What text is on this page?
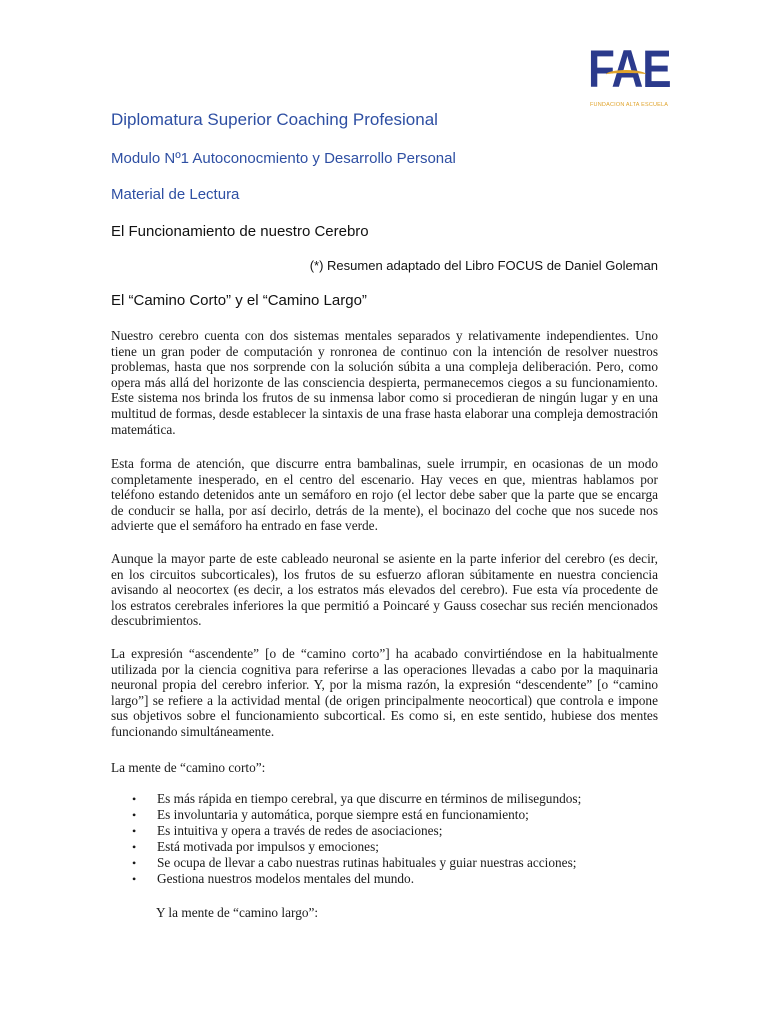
FAE
FUNDACION ALTA ESCUELA
Diplomatura Superior Coaching Profesional
Modulo Nº1 Autoconocmiento y Desarrollo Personal
Material de Lectura
El Funcionamiento de nuestro Cerebro
(*) Resumen adaptado del Libro FOCUS de Daniel Goleman
El “Camino Corto” y el “Camino Largo”

Nuestro cerebro cuenta con dos sistemas mentales separados y relativamente independientes. Uno tiene un gran poder de computación y ronronea de continuo con la intención de resolver nuestros problemas, hasta que nos sorprende con la solución súbita a una compleja deliberación. Pero, como opera más allá del horizonte de las consciencia despierta, permanecemos ciegos a su funcionamiento. Este sistema nos brinda los frutos de su inmensa labor como si procedieran de ningún lugar y en una multitud de formas, desde establecer la sintaxis de una frase hasta elaborar una compleja demostración matemática.

Esta forma de atención, que discurre entra bambalinas, suele irrumpir, en ocasionas de un modo completamente inesperado, en el centro del escenario. Hay veces en que, mientras hablamos por teléfono estando detenidos ante un semáforo en rojo (el lector debe saber que la parte que se encarga de conducir se halla, por así decirlo, detrás de la mente), el bocinazo del coche que nos sucede nos advierte que el semáforo ha entrado en fase verde.

Aunque la mayor parte de este cableado neuronal se asiente en la parte inferior del cerebro (es decir, en los circuitos subcorticales), los frutos de su esfuerzo afloran súbitamente en nuestra conciencia avisando al neocortex (es decir, a los estratos más elevados del cerebro). Fue esta vía procedente de los estratos cerebrales inferiores la que permitió a Poincaré y Gauss cosechar sus recién mencionados descubrimientos.

La expresión “ascendente” [o de “camino corto”] ha acabado convirtiéndose en la habitualmente utilizada por la ciencia cognitiva para referirse a las operaciones llevadas a cabo por la maquinaria neuronal propia del cerebro inferior. Y, por la misma razón, la expresión “descendente” [o “camino largo”] se refiere a la actividad mental (de origen principalmente neocortical) que controla e impone sus objetivos sobre el funcionamiento subcortical. Es como si, en este sentido, hubiese dos mentes funcionando simultáneamente.

La mente de “camino corto”:

• Es más rápida en tiempo cerebral, ya que discurre en términos de milisegundos;
• Es involuntaria y automática, porque siempre está en funcionamiento;
• Es intuitiva y opera a través de redes de asociaciones;
• Está motivada por impulsos y emociones;
• Se ocupa de llevar a cabo nuestras rutinas habituales y guiar nuestras acciones;
• Gestiona nuestros modelos mentales del mundo.

Y la mente de “camino largo”:
